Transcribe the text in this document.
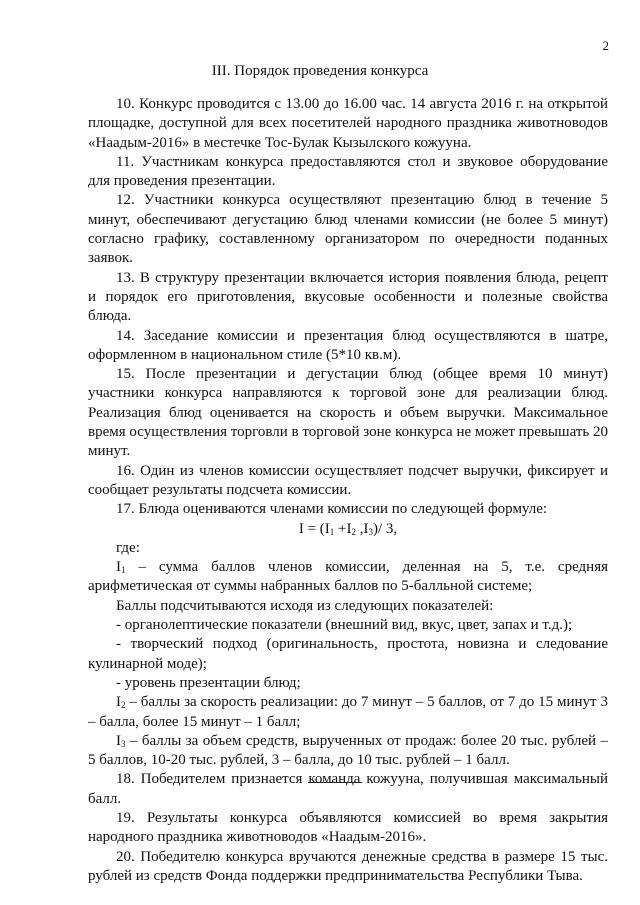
2
III. Порядок проведения конкурса

10. Конкурс проводится с 13.00 до 16.00 час. 14 августа 2016 г. на открытой площадке, доступной для всех посетителей народного праздника животноводов «Наадым-2016» в местечке Тос-Булак Кызылского кожууна.

11. Участникам конкурса предоставляются стол и звуковое оборудование для проведения презентации.

12. Участники конкурса осуществляют презентацию блюд в течение 5 минут, обеспечивают дегустацию блюд членами комиссии (не более 5 минут) согласно графику, составленному организатором по очередности поданных заявок.

13. В структуру презентации включается история появления блюда, рецепт и порядок его приготовления, вкусовые особенности и полезные свойства блюда.

14. Заседание комиссии и презентация блюд осуществляются в шатре, оформленном в национальном стиле (5*10 кв.м).

15. После презентации и дегустации блюд (общее время 10 минут) участники конкурса направляются к торговой зоне для реализации блюд. Реализация блюд оценивается на скорость и объем выручки. Максимальное время осуществления торговли в торговой зоне конкурса не может превышать 20 минут.

16. Один из членов комиссии осуществляет подсчет выручки, фиксирует и сообщает результаты подсчета комиссии.

17. Блюда оцениваются членами комиссии по следующей формуле:

$I = (I_1 +I_2$ $,I_3)/$ 3,

где:

$I_1$ – сумма баллов членов комиссии, деленная на 5, т.е. средняя арифметическая от суммы набранных баллов по 5-балльной системе;

Баллы подсчитываются исходя из следующих показателей:

- органолептические показатели (внешний вид, вкус, цвет, запах и т.д.);

- творческий подход (оригинальность, простота, новизна и следование кулинарной моде);

- уровень презентации блюд;

$I_2$ – баллы за скорость реализации: до 7 минут – 5 баллов, от 7 до 15 минут 3 – балла, более 15 минут – 1 балл;

$I_3$ – баллы за объем средств, вырученных от продаж: более 20 тыс. рублей – 5 баллов, 10-20 тыс. рублей, 3 – балла, до 10 тыс. рублей – 1 балл.

18. Победителем признается команда кожууна, получившая максимальный балл.

19. Результаты конкурса объявляются комиссией во время закрытия народного праздника животноводов «Наадым-2016».

20. Победителю конкурса вручаются денежные средства в размере 15 тыс. рублей из средств Фонда поддержки предпринимательства Республики Тыва.
